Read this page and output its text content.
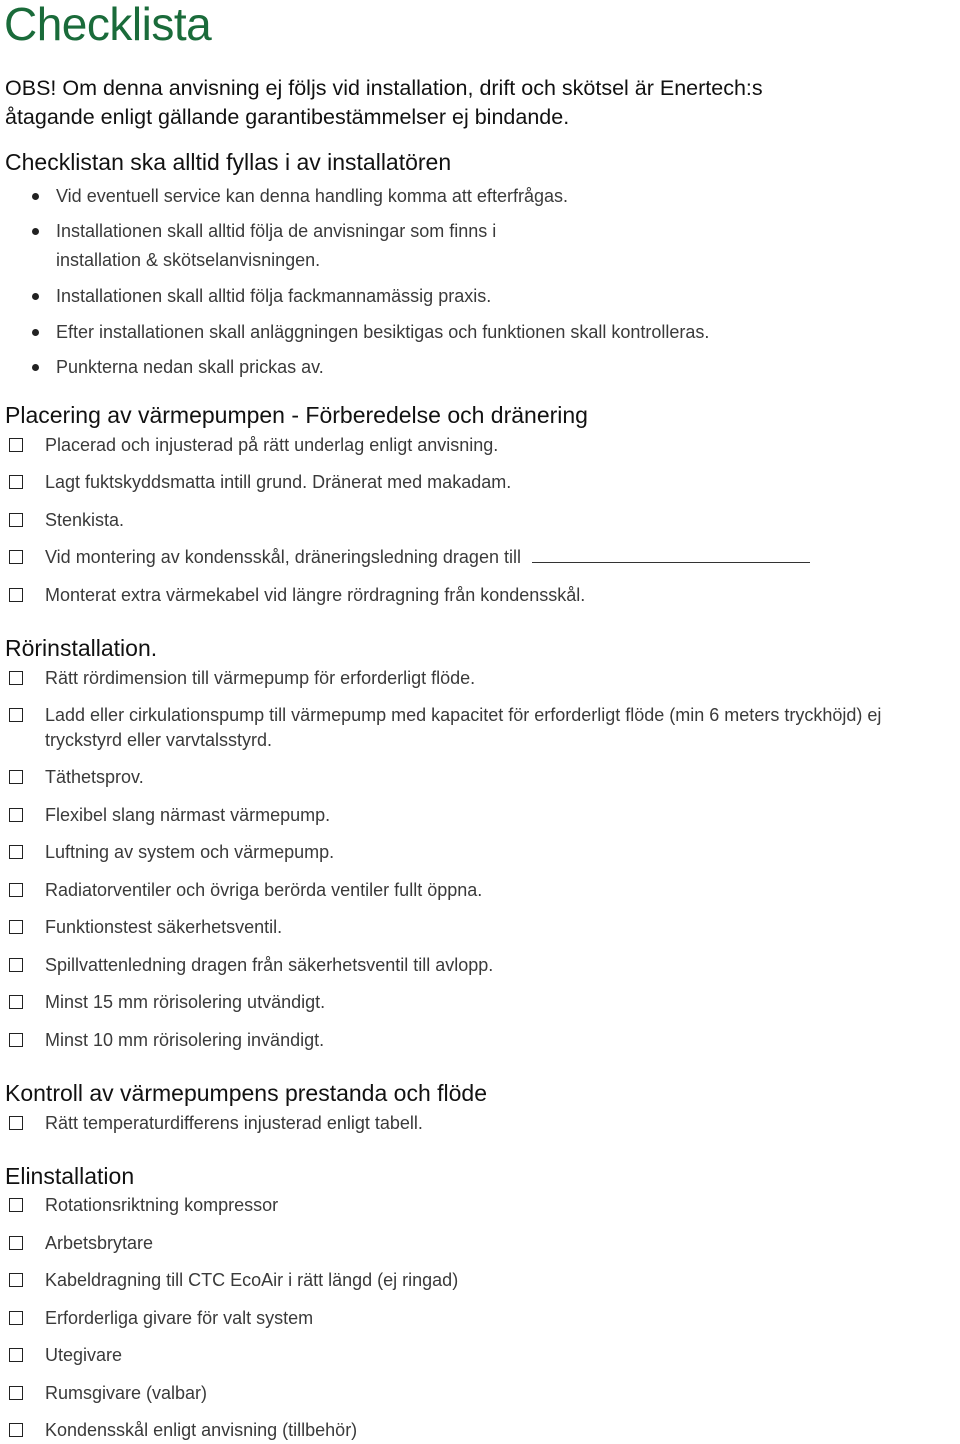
Checklista
OBS! Om denna anvisning ej följs vid installation, drift och skötsel är Enertech:s
åtagande enligt gällande garantibestämmelser ej bindande.
Checklistan ska alltid fyllas i av installatören
Vid eventuell service kan denna handling komma att efterfrågas.
Installationen skall alltid följa de anvisningar som finns i
installation & skötselanvisningen.
Installationen skall alltid följa fackmannamässig praxis.
Efter installationen skall anläggningen besiktigas och funktionen skall kontrolleras.
Punkterna nedan skall prickas av.
Placering av värmepumpen - Förberedelse och dränering
Placerad och injusterad på rätt underlag enligt anvisning.
Lagt fuktskyddsmatta intill grund. Dränerat med makadam.
Stenkista.
Vid montering av kondensskål, dräneringsledning dragen till
Monterat extra värmekabel vid längre rördragning från kondensskål.
Rörinstallation.
Rätt rördimension till värmepump för erforderligt flöde.
Ladd eller cirkulationspump till värmepump med kapacitet för erforderligt flöde (min 6 meters tryckhöjd) ej
tryckstyrd eller varvtalsstyrd.
Täthetsprov.
Flexibel slang närmast värmepump.
Luftning av system och värmepump.
Radiatorventiler och övriga berörda ventiler fullt öppna.
Funktionstest säkerhetsventil.
Spillvattenledning dragen från säkerhetsventil till avlopp.
Minst 15 mm rörisolering utvändigt.
Minst 10 mm rörisolering invändigt.
Kontroll av värmepumpens prestanda och flöde
Rätt temperaturdifferens injusterad enligt tabell.
Elinstallation
Rotationsriktning kompressor
Arbetsbrytare
Kabeldragning till CTC EcoAir i rätt längd (ej ringad)
Erforderliga givare för valt system
Utegivare
Rumsgivare (valbar)
Kondensskål enligt anvisning (tillbehör)
